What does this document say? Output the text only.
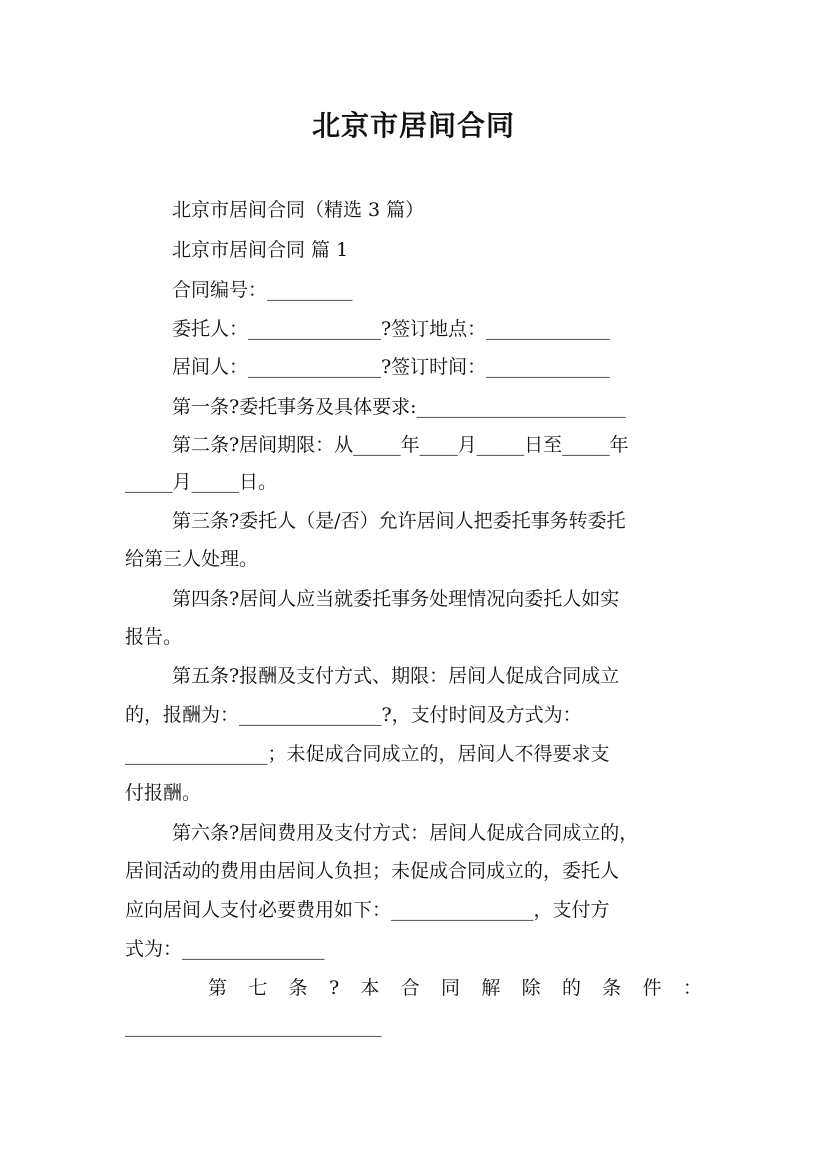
北京市居间合同

北京市居间合同（精选 3 篇）

北京市居间合同 篇 1

合同编号：_________

委托人：______________?签订地点：_____________

居间人：______________?签订时间：_____________

第一条?委托事务及具体要求:______________________

第二条?居间期限：从_____年____月_____日至_____年

_____月_____日。

第三条?委托人（是/否）允许居间人把委托事务转委托

给第三人处理。

第四条?居间人应当就委托事务处理情况向委托人如实

报告。

第五条?报酬及支付方式、期限：居间人促成合同成立

的，报酬为：_______________?，支付时间及方式为：

_______________；未促成合同成立的，居间人不得要求支

付报酬。

第六条?居间费用及支付方式：居间人促成合同成立的，

居间活动的费用由居间人负担；未促成合同成立的，委托人

应向居间人支付必要费用如下：_______________，支付方

式为：_______________

第 七 条 ? 本 合 同 解 除 的 条 件 ：

___________________________
